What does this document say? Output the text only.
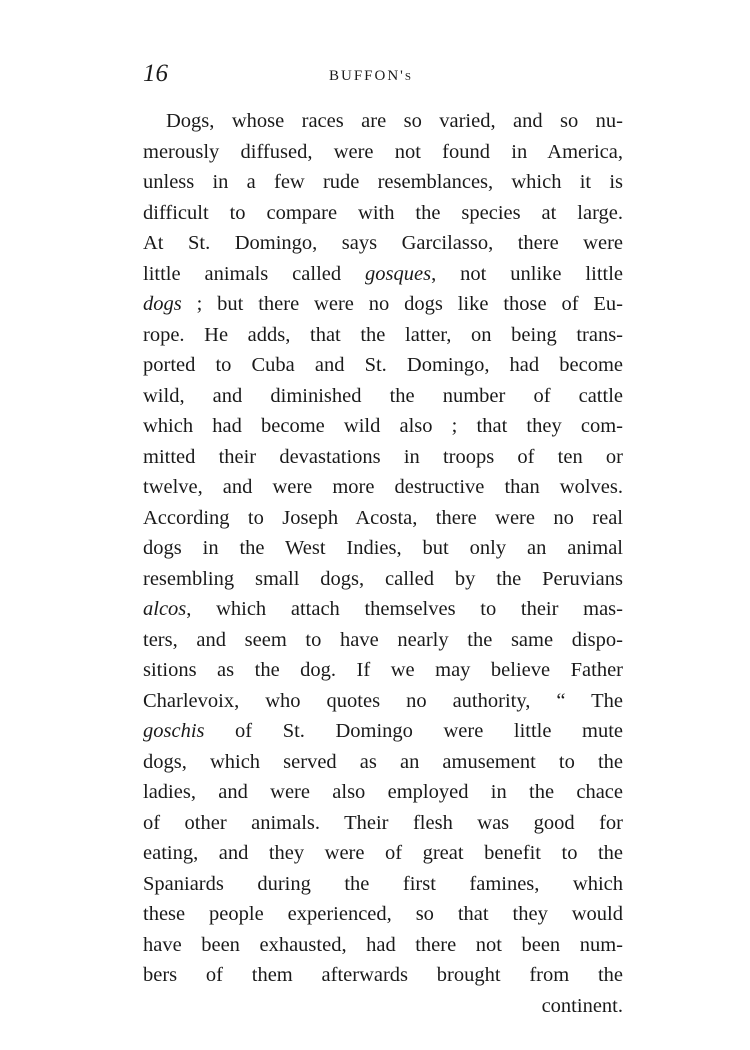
16	BUFFON's
Dogs, whose races are so varied, and so nu-
merously diffused, were not found in America,
unless in a few rude resemblances, which it is
difficult to compare with the species at large.
At St. Domingo, says Garcilasso, there were
little animals called gosques, not unlike little
dogs ; but there were no dogs like those of Eu-
rope. He adds, that the latter, on being trans-
ported to Cuba and St. Domingo, had become
wild, and diminished the number of cattle
which had become wild also ; that they com-
mitted their devastations in troops of ten or
twelve, and were more destructive than wolves.
According to Joseph Acosta, there were no real
dogs in the West Indies, but only an animal
resembling small dogs, called by the Peruvians
alcos, which attach themselves to their mas-
ters, and seem to have nearly the same dispo-
sitions as the dog. If we may believe Father
Charlevoix, who quotes no authority, “ The
goschis of St. Domingo were little mute
dogs, which served as an amusement to the
ladies, and were also employed in the chace
of other animals. Their flesh was good for
eating, and they were of great benefit to the
Spaniards during the first famines, which
these people experienced, so that they would
have been exhausted, had there not been num-
bers of them afterwards brought from the
continent.
